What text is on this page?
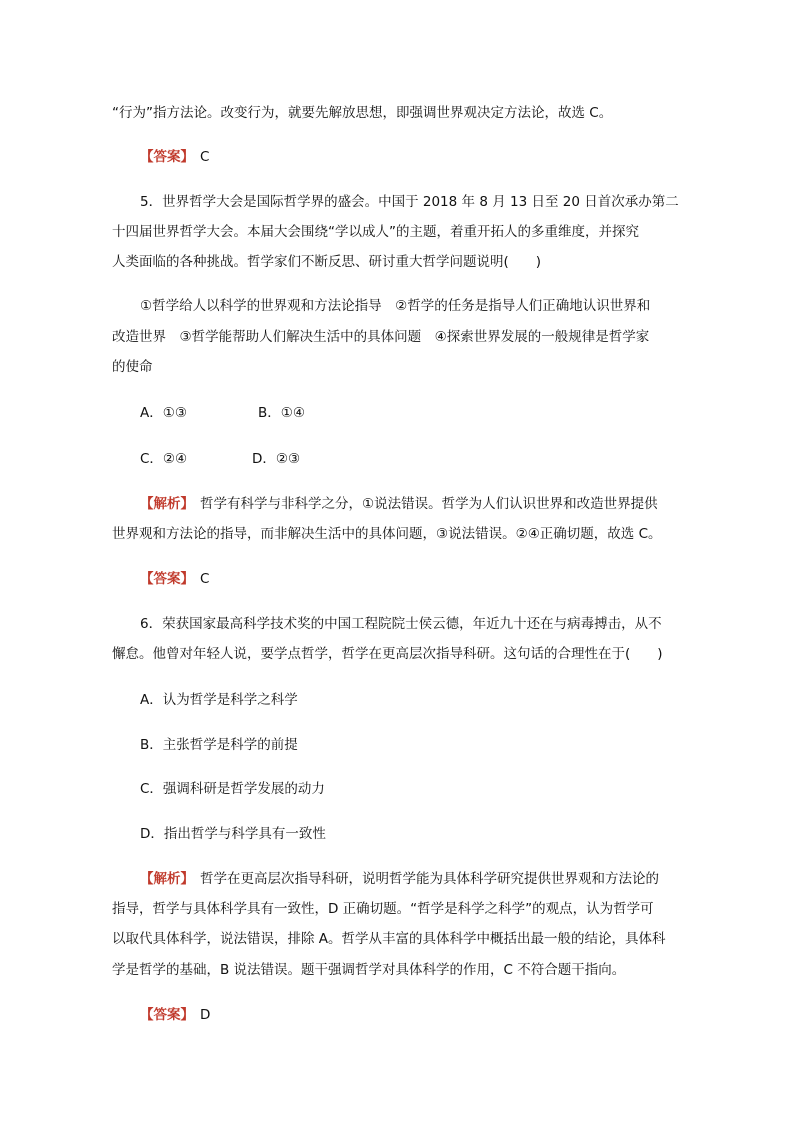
“行为”指方法论。改变行为，就要先解放思想，即强调世界观决定方法论，故选 C。
【答案】 C
5．世界哲学大会是国际哲学界的盛会。中国于 2018 年 8 月 13 日至 20 日首次承办第二
十四届世界哲学大会。本届大会围绕“学以成人”的主题，着重开拓人的多重维度，并探究
人类面临的各种挑战。哲学家们不断反思、研讨重大哲学问题说明(　　)
①哲学给人以科学的世界观和方法论指导　②哲学的任务是指导人们正确地认识世界和
改造世界　③哲学能帮助人们解决生活中的具体问题　④探索世界发展的一般规律是哲学家
的使命
A．①③	B．①④
C．②④	D．②③
【解析】 哲学有科学与非科学之分，①说法错误。哲学为人们认识世界和改造世界提供
世界观和方法论的指导，而非解决生活中的具体问题，③说法错误。②④正确切题，故选 C。
【答案】 C
6．荣获国家最高科学技术奖的中国工程院院士侯云德，年近九十还在与病毒搏击，从不
懈怠。他曾对年轻人说，要学点哲学，哲学在更高层次指导科研。这句话的合理性在于(　　)
A．认为哲学是科学之科学
B．主张哲学是科学的前提
C．强调科研是哲学发展的动力
D．指出哲学与科学具有一致性
【解析】 哲学在更高层次指导科研，说明哲学能为具体科学研究提供世界观和方法论的
指导，哲学与具体科学具有一致性，D 正确切题。“哲学是科学之科学”的观点，认为哲学可
以取代具体科学，说法错误，排除 A。哲学从丰富的具体科学中概括出最一般的结论，具体科
学是哲学的基础，B 说法错误。题干强调哲学对具体科学的作用，C 不符合题干指向。
【答案】 D
